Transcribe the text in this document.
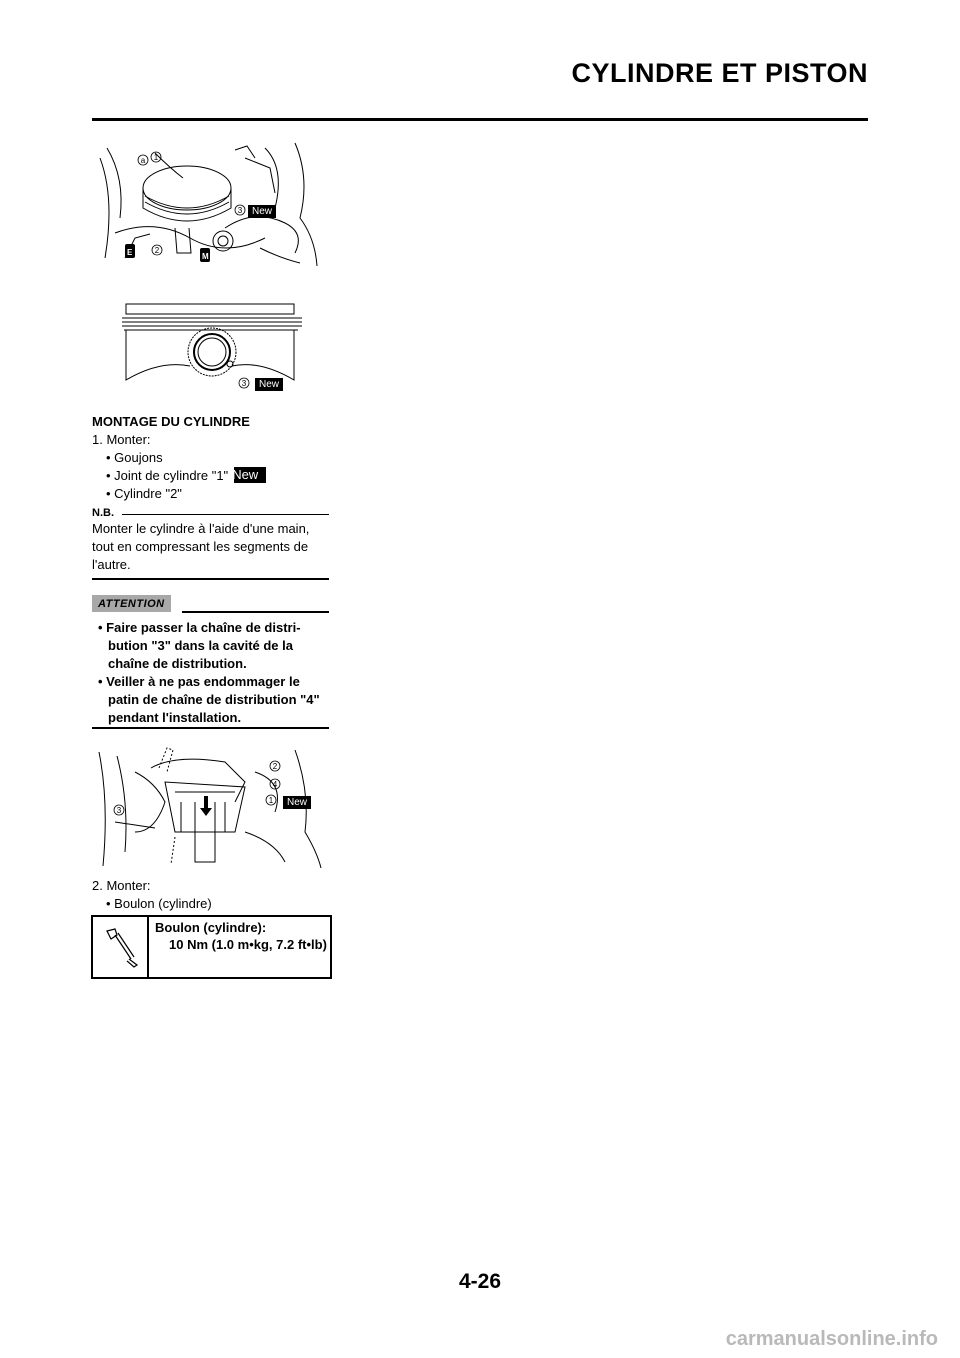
CYLINDRE ET PISTON
E	M
a 1
3
2
New
3	New
MONTAGE DU CYLINDRE
1. Monter:
• Goujons
• Joint de cylindre "1" New
• Cylindre "2"
N.B.
Monter le cylindre à l'aide d'une main, tout en compressant les segments de l'autre.
ATTENTION
• Faire passer la chaîne de distri-bution "3" dans la cavité de la chaîne de distribution.
• Veiller à ne pas endommager le patin de chaîne de distribution "4" pendant l'installation.
2
4
1
3
New
2. Monter:
• Boulon (cylindre)
Boulon (cylindre):
10 Nm (1.0 m•kg, 7.2 ft•lb)
4-26
carmanualsonline.info
